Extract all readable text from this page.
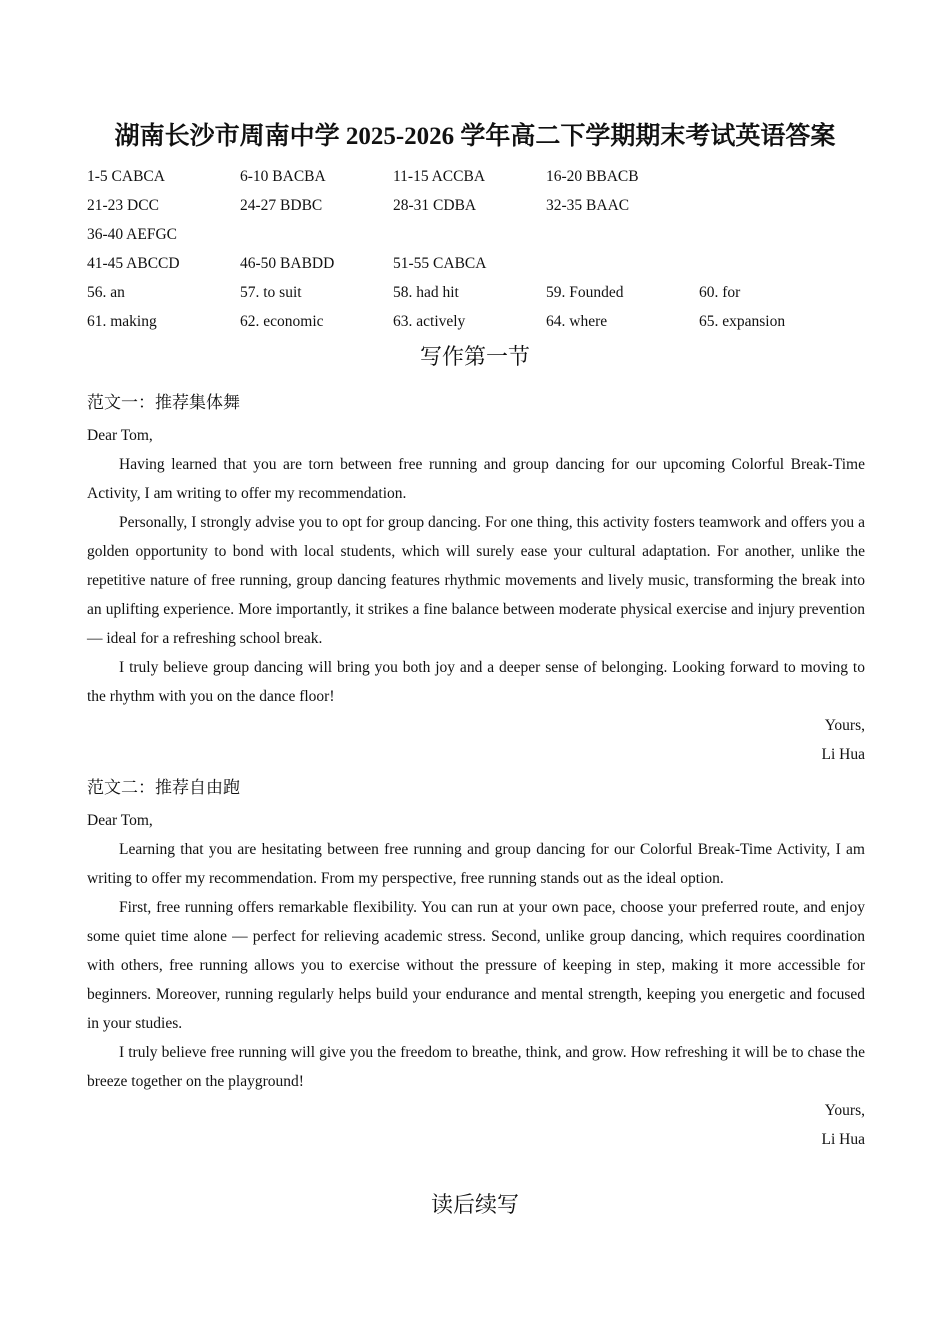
湖南长沙市周南中学 2025-2026 学年高二下学期期末考试英语答案
1-5 CABCA	6-10 BACBA	11-15 ACCBA	16-20 BBACB
21-23 DCC	24-27 BDBC	28-31 CDBA	32-35 BAAC
36-40 AEFGC
41-45 ABCCD	46-50 BABDD	51-55 CABCA
56. an	57. to suit	58. had hit	59. Founded	60. for
61. making	62. economic	63. actively	64. where	65. expansion
写作第一节
范文一：推荐集体舞

Dear Tom,

Having learned that you are torn between free running and group dancing for our upcoming Colorful Break-Time Activity, I am writing to offer my recommendation.

Personally, I strongly advise you to opt for group dancing. For one thing, this activity fosters teamwork and offers you a golden opportunity to bond with local students, which will surely ease your cultural adaptation. For another, unlike the repetitive nature of free running, group dancing features rhythmic movements and lively music, transforming the break into an uplifting experience. More importantly, it strikes a fine balance between moderate physical exercise and injury prevention — ideal for a refreshing school break.

I truly believe group dancing will bring you both joy and a deeper sense of belonging. Looking forward to moving to the rhythm with you on the dance floor!

Yours,

Li Hua

范文二：推荐自由跑

Dear Tom,

Learning that you are hesitating between free running and group dancing for our Colorful Break-Time Activity, I am writing to offer my recommendation. From my perspective, free running stands out as the ideal option.

First, free running offers remarkable flexibility. You can run at your own pace, choose your preferred route, and enjoy some quiet time alone — perfect for relieving academic stress. Second, unlike group dancing, which requires coordination with others, free running allows you to exercise without the pressure of keeping in step, making it more accessible for beginners. Moreover, running regularly helps build your endurance and mental strength, keeping you energetic and focused in your studies.

I truly believe free running will give you the freedom to breathe, think, and grow. How refreshing it will be to chase the breeze together on the playground!

Yours,

Li Hua

读后续写
